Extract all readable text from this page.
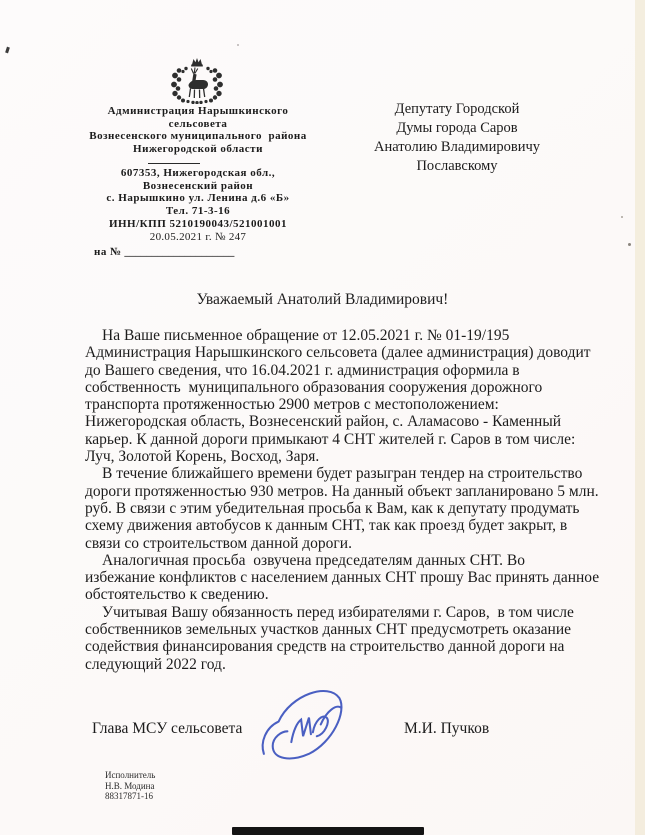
Администрация Нарышкинского
сельсовета
Вознесенского муниципального  района
Нижегородской области
607353, Нижегородская обл.,
Вознесенский район
с. Нарышкино ул. Ленина д.6 «Б»
Тел. 71-3-16
ИНН/КПП 5210190043/521001001
20.05.2021 г. № 247
на № ____________________
Депутату Городской
Думы города Саров
Анатолию Владимировичу
Пославскому
Уважаемый Анатолий Владимирович!
На Ваше письменное обращение от 12.05.2021 г. № 01-19/195
Администрация Нарышкинского сельсовета (далее администрация) доводит
до Вашего сведения, что 16.04.2021 г. администрация оформила в
собственность  муниципального образования сооружения дорожного
транспорта протяженностью 2900 метров с местоположением:
Нижегородская область, Вознесенский район, с. Аламасово - Каменный
карьер. К данной дороги примыкают 4 СНТ жителей г. Саров в том числе:
Луч, Золотой Корень, Восход, Заря.
В течение ближайшего времени будет разыгран тендер на строительство
дороги протяженностью 930 метров. На данный объект запланировано 5 млн.
руб. В связи с этим убедительная просьба к Вам, как к депутату продумать
схему движения автобусов к данным СНТ, так как проезд будет закрыт, в
связи со строительством данной дороги.
Аналогичная просьба  озвучена председателям данных СНТ. Во
избежание конфликтов с населением данных СНТ прошу Вас принять данное
обстоятельство к сведению.
Учитывая Вашу обязанность перед избирателями г. Саров,  в том числе
собственников земельных участков данных СНТ предусмотреть оказание
содействия финансирования средств на строительство данной дороги на
следующий 2022 год.
Глава МСУ сельсовета	М.И. Пучков
Исполнитель
Н.В. Модина
88317871-16
